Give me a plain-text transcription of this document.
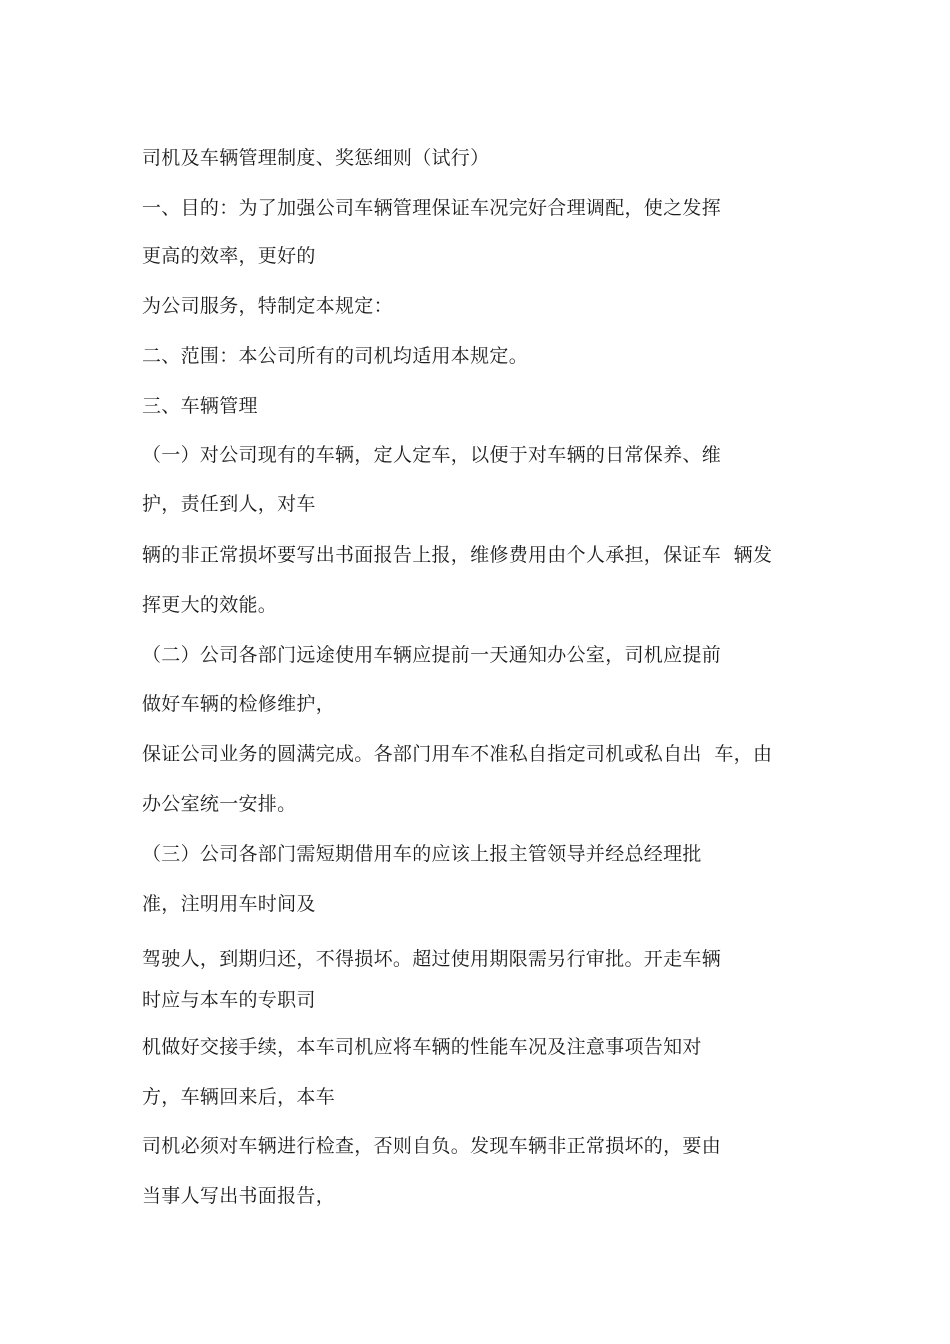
司机及车辆管理制度、奖惩细则（试行）

一、目的：为了加强公司车辆管理保证车况完好合理调配，使之发挥

更高的效率，更好的

为公司服务，特制定本规定：

二、范围：本公司所有的司机均适用本规定。

三、车辆管理

（一）对公司现有的车辆，定人定车，以便于对车辆的日常保养、维

护，责任到人，对车

辆的非正常损坏要写出书面报告上报，维修费用由个人承担，保证车  辆发

挥更大的效能。

（二）公司各部门远途使用车辆应提前一天通知办公室，司机应提前

做好车辆的检修维护，

保证公司业务的圆满完成。各部门用车不准私自指定司机或私自出  车，由

办公室统一安排。

（三）公司各部门需短期借用车的应该上报主管领导并经总经理批

准，注明用车时间及

驾驶人，到期归还，不得损坏。超过使用期限需另行审批。开走车辆

时应与本车的专职司

机做好交接手续，本车司机应将车辆的性能车况及注意事项告知对

方，车辆回来后，本车

司机必须对车辆进行检查，否则自负。发现车辆非正常损坏的，要由

当事人写出书面报告，
